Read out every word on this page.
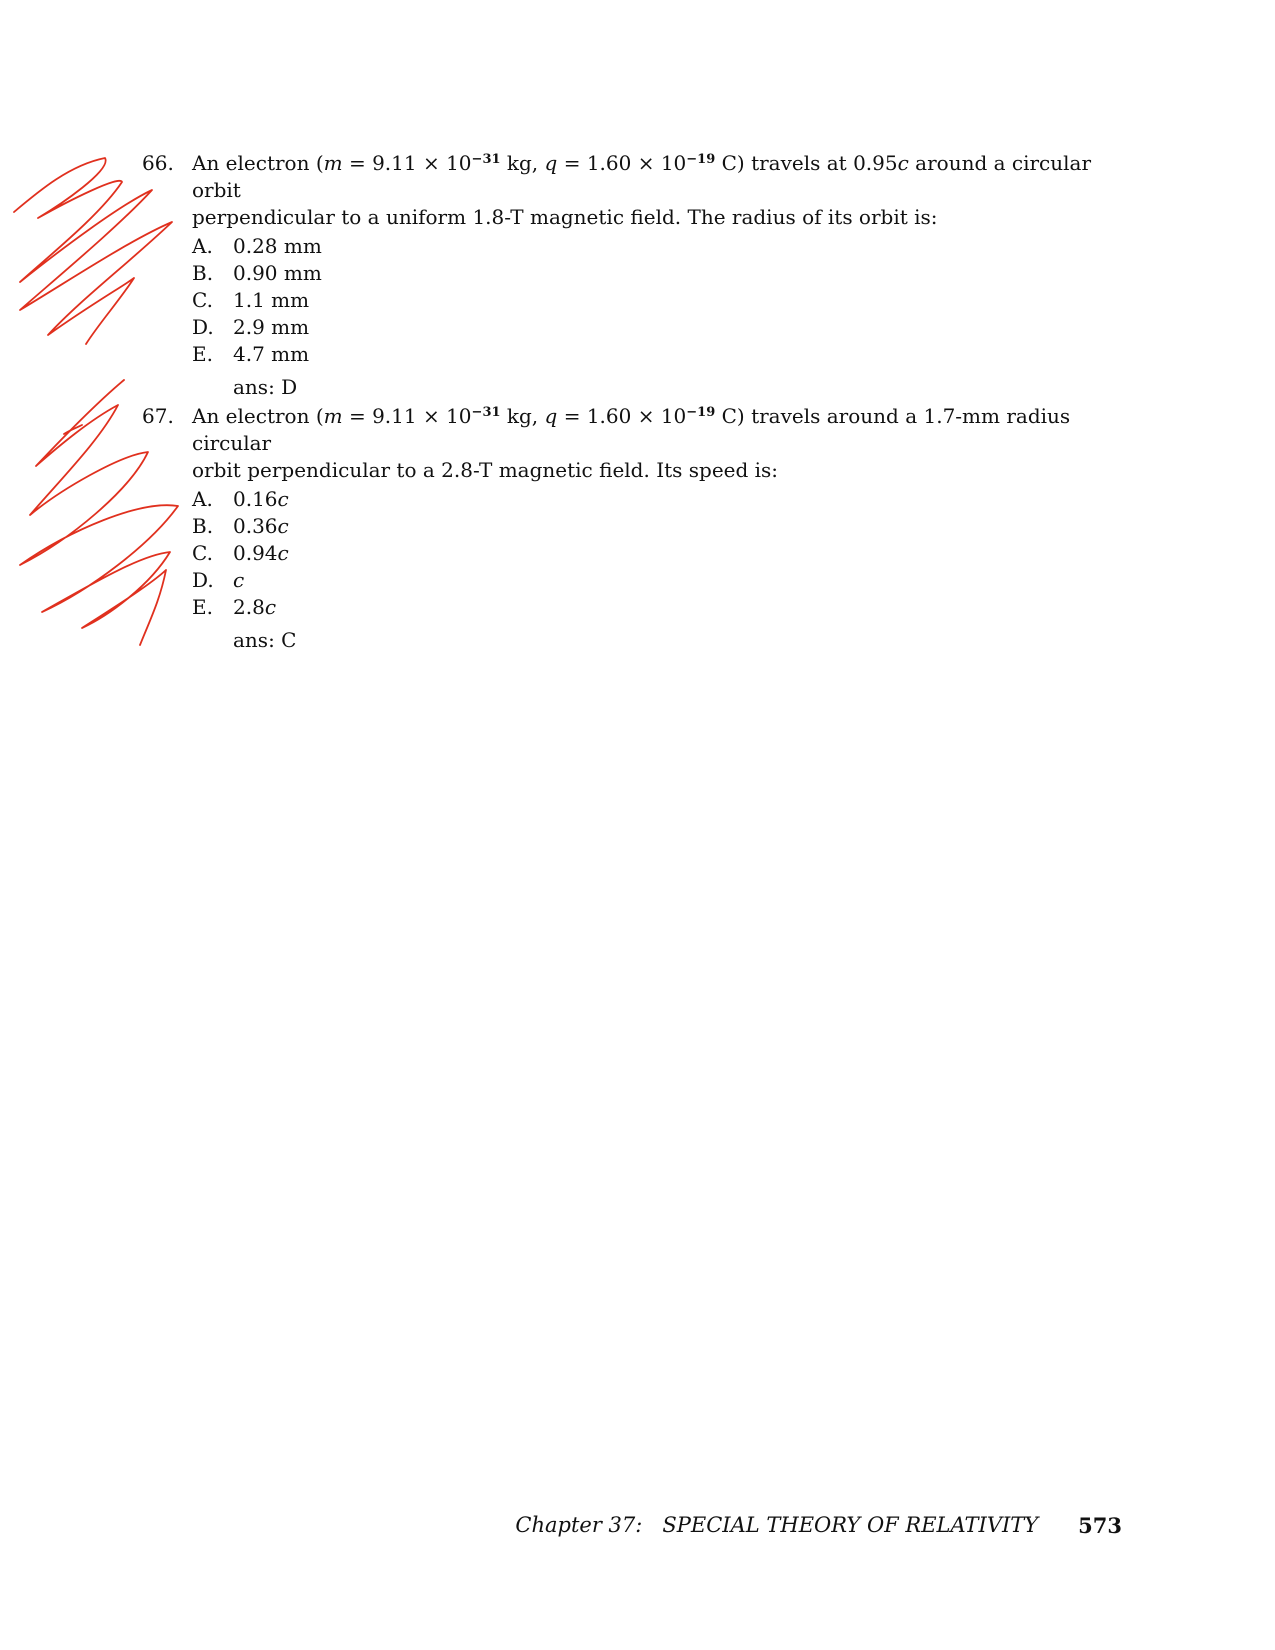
66. An electron ($m = 9.11 \times 10^{-31}$ kg, $q = 1.60 \times 10^{-19}$ C) travels at 0.95c around a circular orbit
perpendicular to a uniform 1.8-T magnetic field. The radius of its orbit is:
A.	0.28 mm
B. 0.90 mm
C.	1.1 mm
D. 2.9 mm
E.	4.7 mm
ans: D
67. An electron ($m = 9.11 \times 10^{-31}$ kg, $q = 1.60 \times 10^{-19}$ C) travels around a 1.7-mm radius circular
orbit perpendicular to a 2.8-T magnetic field. Its speed is:
A.	0.16 c
B. 0.36 c
C.	0.94 c
D. c
E.	2.8 c
ans: C
Chapter 37:   SPECIAL THEORY OF RELATIVITY 573
